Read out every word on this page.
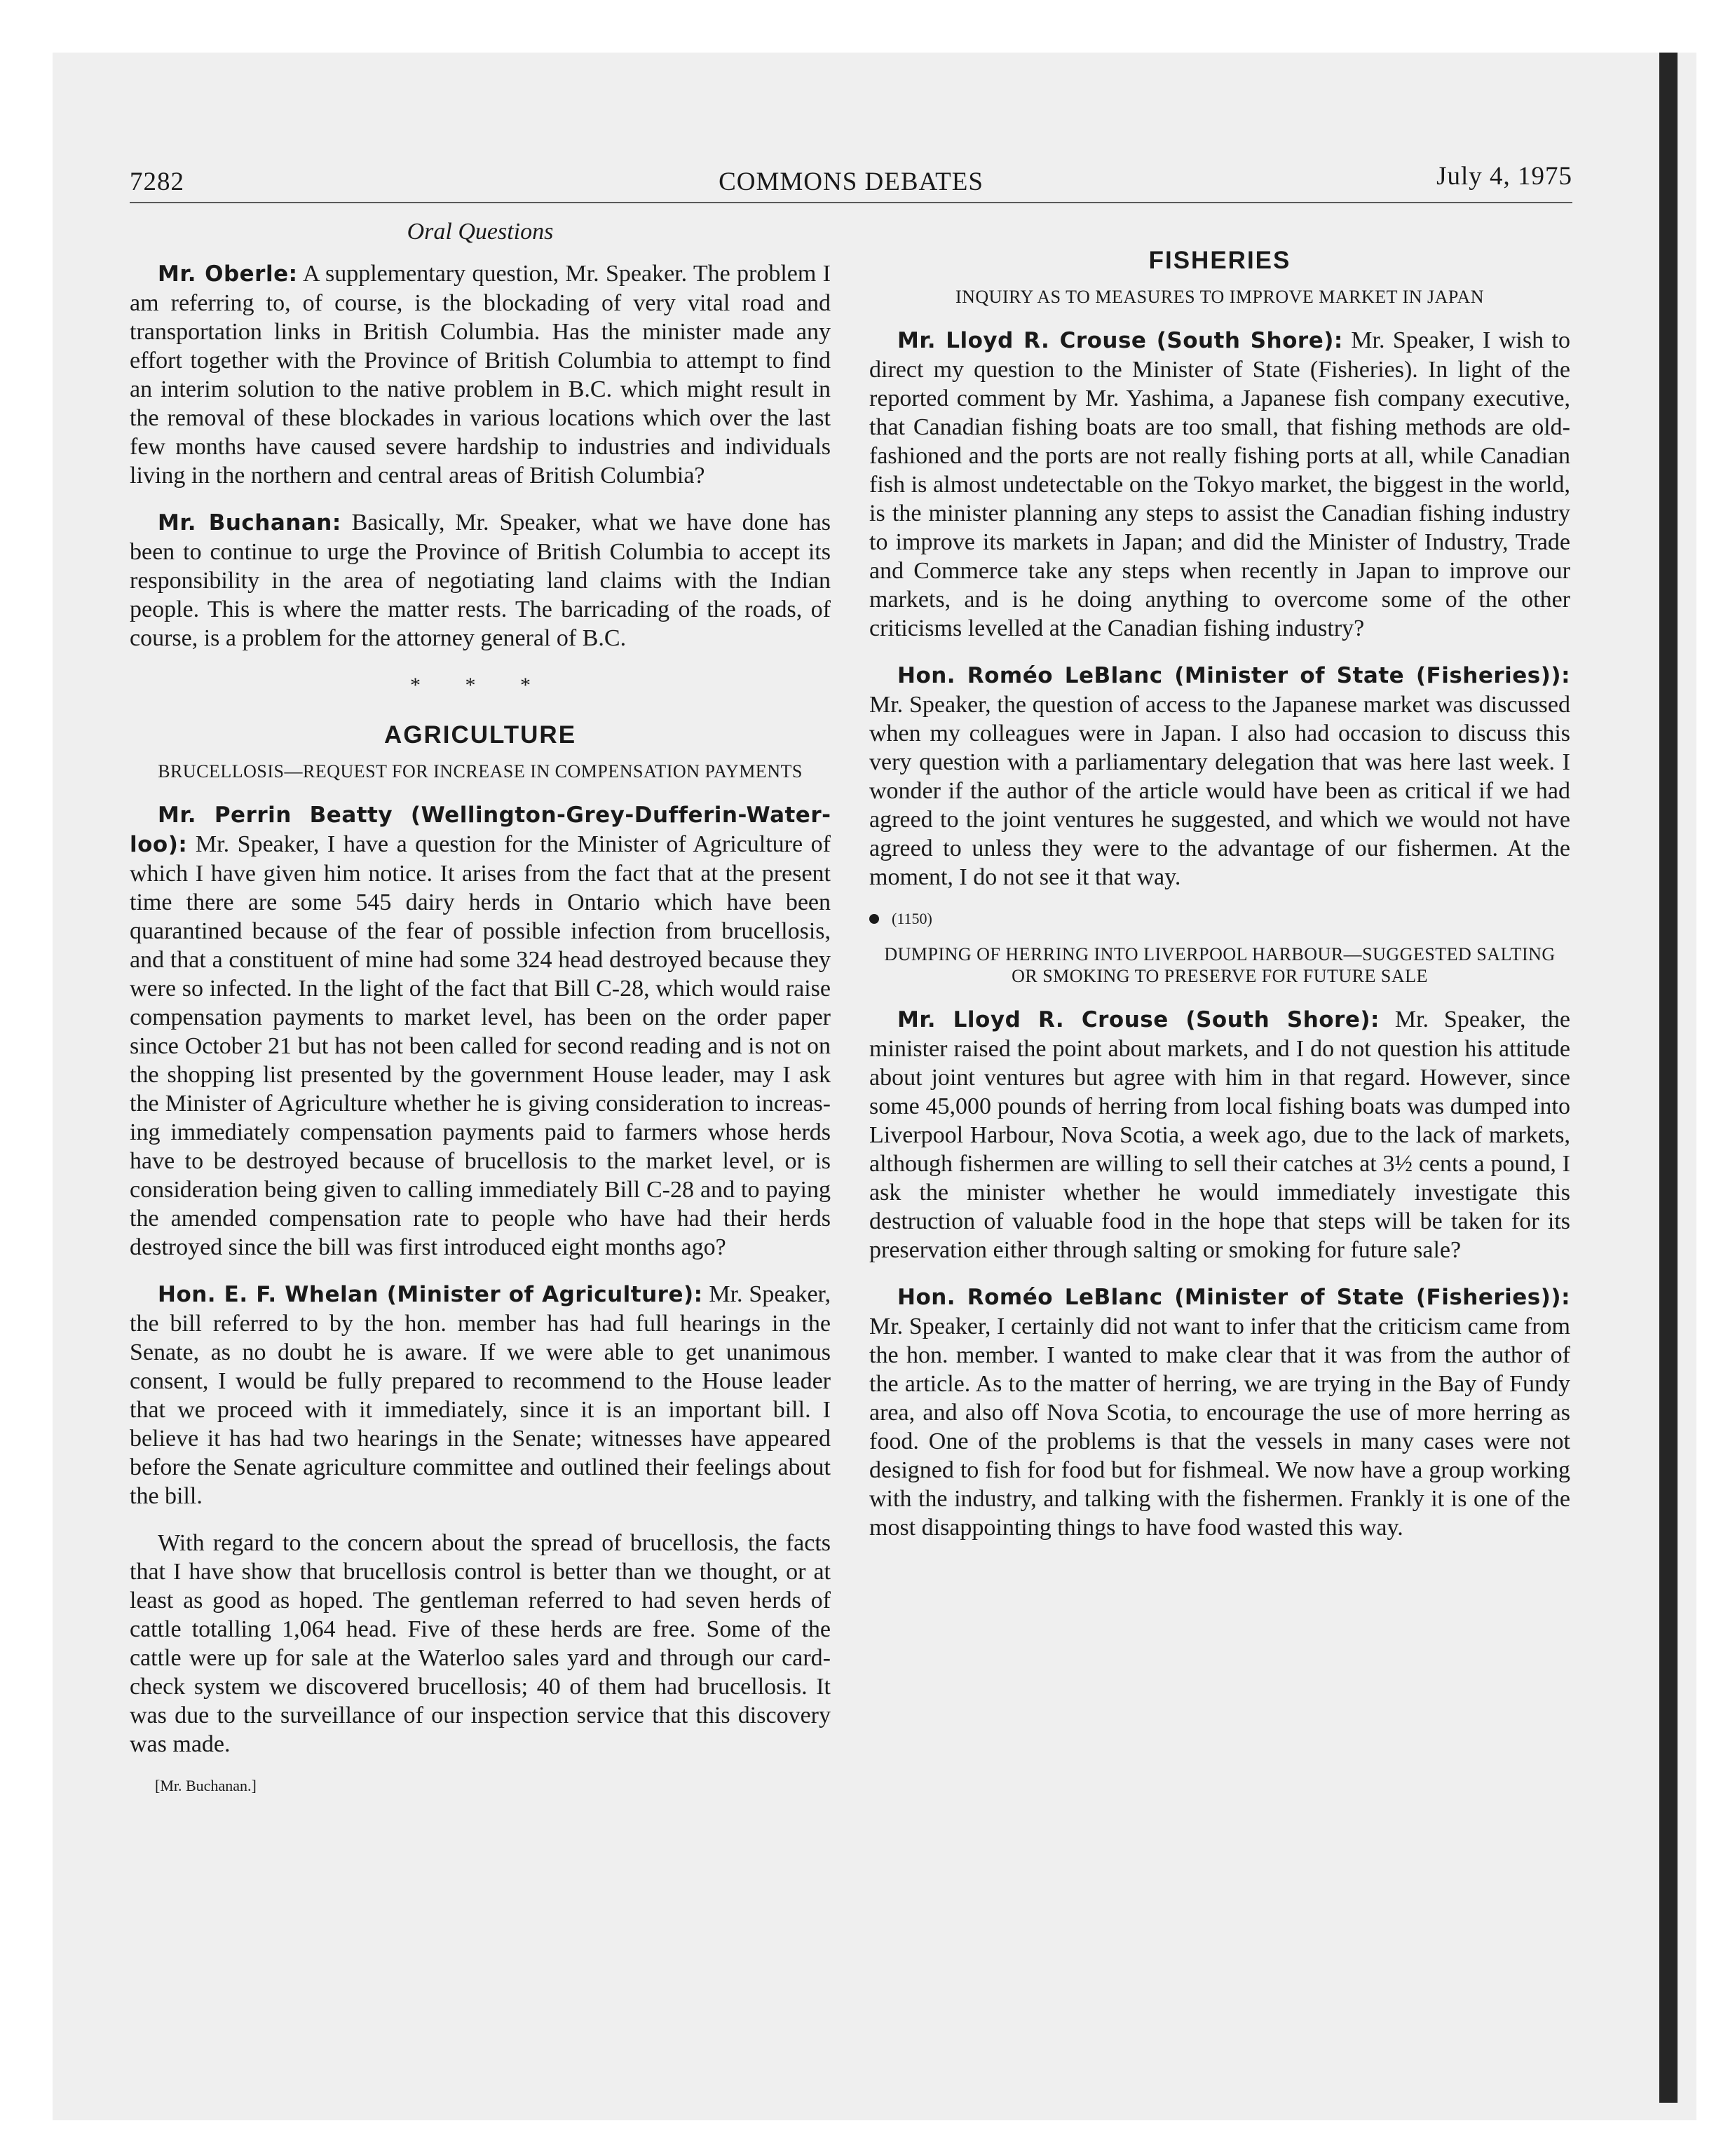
7282	COMMONS DEBATES	July 4, 1975
Oral Questions

Mr. Oberle: A supplementary question, Mr. Speaker. The problem I am referring to, of course, is the blockading of very vital road and transportation links in British Columbia. Has the minister made any effort together with the Province of British Columbia to attempt to find an interim solution to the native problem in B.C. which might result in the removal of these blockades in various locations which over the last few months have caused severe hardship to industries and individuals living in the northern and central areas of British Columbia?

Mr. Buchanan: Basically, Mr. Speaker, what we have done has been to continue to urge the Province of British Columbia to accept its responsibility in the area of negotiating land claims with the Indian people. This is where the matter rests. The barricading of the roads, of course, is a problem for the attorney general of B.C.

* * *
AGRICULTURE
BRUCELLOSIS—REQUEST FOR INCREASE IN COMPENSATION PAYMENTS

Mr. Perrin Beatty (Wellington-Grey-Dufferin-Waterloo): Mr. Speaker, I have a question for the Minister of Agriculture of which I have given him notice. It arises from the fact that at the present time there are some 545 dairy herds in Ontario which have been quarantined because of the fear of possible infection from brucellosis, and that a constituent of mine had some 324 head destroyed because they were so infected. In the light of the fact that Bill C-28, which would raise compensation payments to market level, has been on the order paper since October 21 but has not been called for second reading and is not on the shopping list presented by the government House leader, may I ask the Minister of Agriculture whether he is giving consideration to increasing immediately compensation payments paid to farmers whose herds have to be destroyed because of brucellosis to the market level, or is consideration being given to calling immediately Bill C-28 and to paying the amended compensation rate to people who have had their herds destroyed since the bill was first introduced eight months ago?

Hon. E. F. Whelan (Minister of Agriculture): Mr. Speaker, the bill referred to by the hon. member has had full hearings in the Senate, as no doubt he is aware. If we were able to get unanimous consent, I would be fully prepared to recommend to the House leader that we proceed with it immediately, since it is an important bill. I believe it has had two hearings in the Senate; witnesses have appeared before the Senate agriculture committee and outlined their feelings about the bill.

With regard to the concern about the spread of brucellosis, the facts that I have show that brucellosis control is better than we thought, or at least as good as hoped. The gentleman referred to had seven herds of cattle totalling 1,064 head. Five of these herds are free. Some of the cattle were up for sale at the Waterloo sales yard and through our card-check system we discovered brucellosis; 40 of them had brucellosis. It was due to the surveillance of our inspection service that this discovery was made.

[Mr. Buchanan.]
FISHERIES
INQUIRY AS TO MEASURES TO IMPROVE MARKET IN JAPAN

Mr. Lloyd R. Crouse (South Shore): Mr. Speaker, I wish to direct my question to the Minister of State (Fisheries). In light of the reported comment by Mr. Yashima, a Japanese fish company executive, that Canadian fishing boats are too small, that fishing methods are old-fashioned and the ports are not really fishing ports at all, while Canadian fish is almost undetectable on the Tokyo market, the biggest in the world, is the minister planning any steps to assist the Canadian fishing industry to improve its markets in Japan; and did the Minister of Industry, Trade and Commerce take any steps when recently in Japan to improve our markets, and is he doing anything to overcome some of the other criticisms levelled at the Canadian fishing industry?

Hon. Roméo LeBlanc (Minister of State (Fisheries)): Mr. Speaker, the question of access to the Japanese market was discussed when my colleagues were in Japan. I also had occasion to discuss this very question with a parliamentary delegation that was here last week. I wonder if the author of the article would have been as critical if we had agreed to the joint ventures he suggested, and which we would not have agreed to unless they were to the advantage of our fishermen. At the moment, I do not see it that way.

(1150)
DUMPING OF HERRING INTO LIVERPOOL HARBOUR—SUGGESTED SALTING OR SMOKING TO PRESERVE FOR FUTURE SALE

Mr. Lloyd R. Crouse (South Shore): Mr. Speaker, the minister raised the point about markets, and I do not question his attitude about joint ventures but agree with him in that regard. However, since some 45,000 pounds of herring from local fishing boats was dumped into Liverpool Harbour, Nova Scotia, a week ago, due to the lack of markets, although fishermen are willing to sell their catches at 3½ cents a pound, I ask the minister whether he would immediately investigate this destruction of valuable food in the hope that steps will be taken for its preservation either through salting or smoking for future sale?

Hon. Roméo LeBlanc (Minister of State (Fisheries)): Mr. Speaker, I certainly did not want to infer that the criticism came from the hon. member. I wanted to make clear that it was from the author of the article. As to the matter of herring, we are trying in the Bay of Fundy area, and also off Nova Scotia, to encourage the use of more herring as food. One of the problems is that the vessels in many cases were not designed to fish for food but for fishmeal. We now have a group working with the industry, and talking with the fishermen. Frankly it is one of the most disappointing things to have food wasted this way.
